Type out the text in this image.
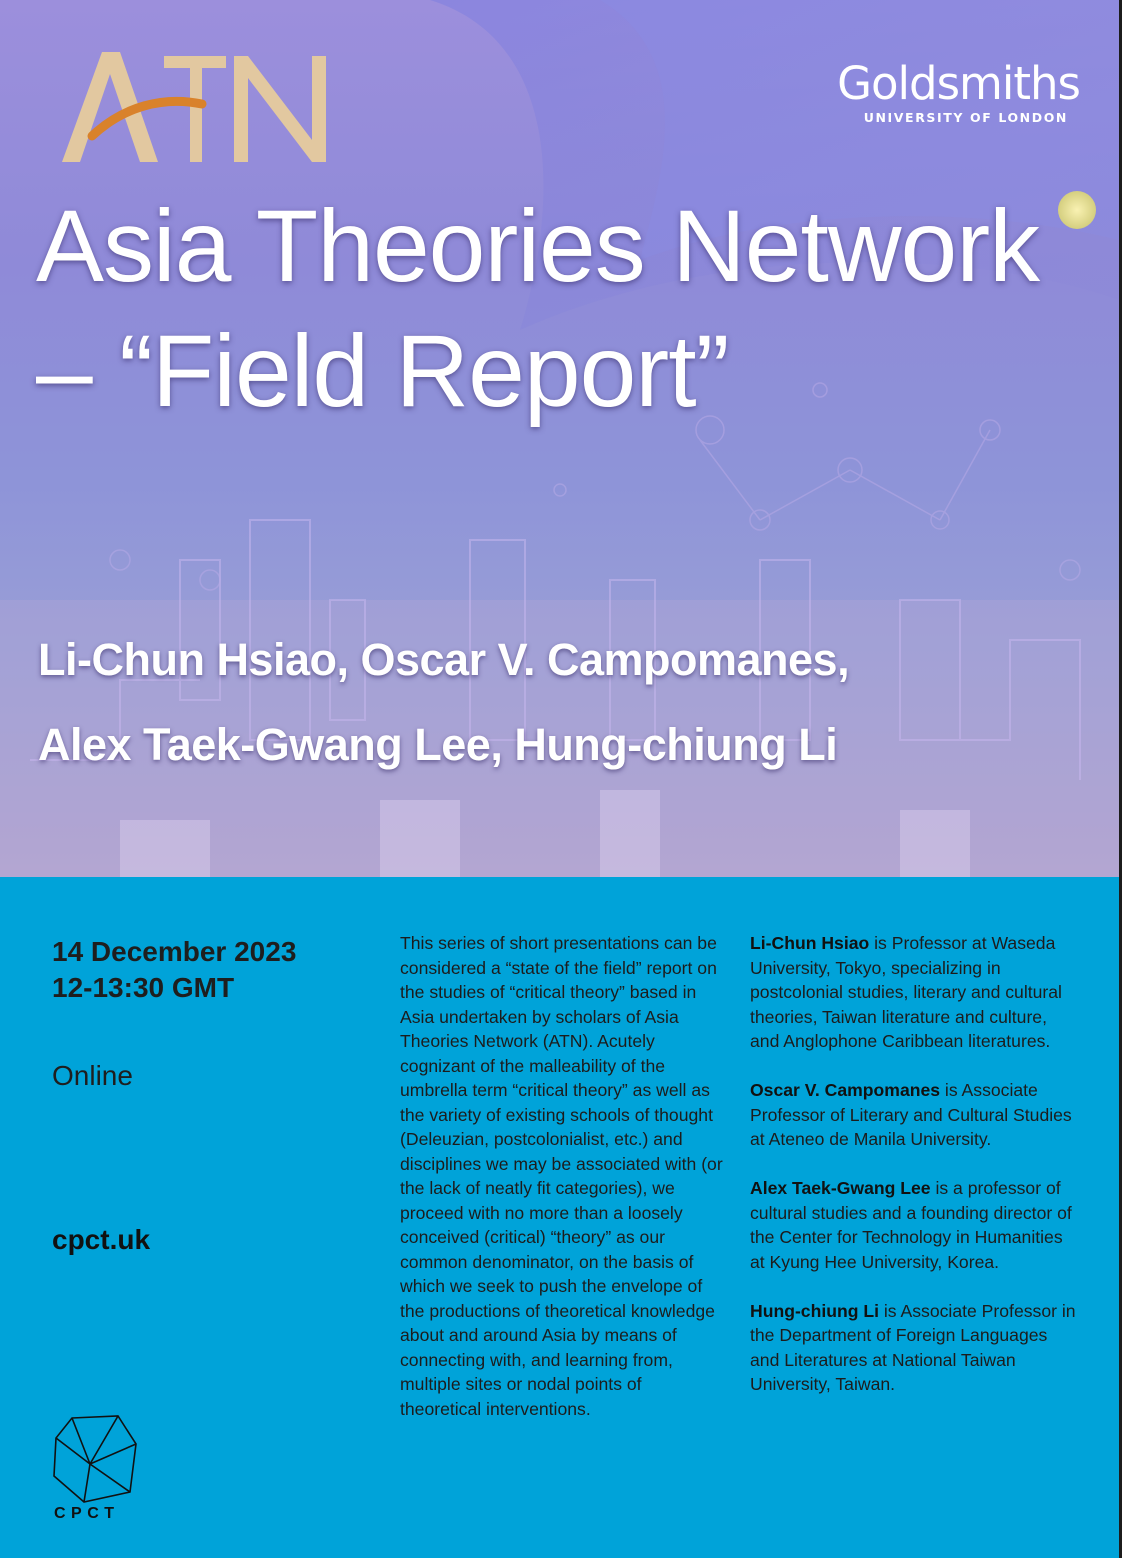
Goldsmiths
UNIVERSITY OF LONDON
Asia Theories Network – “Field Report”
Li-Chun Hsiao, Oscar V. Campomanes,
Alex Taek-Gwang Lee, Hung-chiung Li
14 December 2023
12-13:30 GMT

Online

cpct.uk

CPCT

This series of short presentations can be considered a “state of the field” report on the studies of “critical theory” based in Asia undertaken by scholars of Asia Theories Network (ATN). Acutely cognizant of the malleability of the umbrella term “critical theory” as well as the variety of existing schools of thought (Deleuzian, postcolonialist, etc.) and disciplines we may be associated with (or the lack of neatly fit categories), we proceed with no more than a loosely conceived (critical) “theory” as our common denominator, on the basis of which we seek to push the envelope of the productions of theoretical knowledge about and around Asia by means of connecting with, and learning from, multiple sites or nodal points of theoretical interventions.

Li-Chun Hsiao is Professor at Waseda University, Tokyo, specializing in postcolonial studies, literary and cultural theories, Taiwan literature and culture, and Anglophone Caribbean literatures.

Oscar V. Campomanes is Associate Professor of Literary and Cultural Studies at Ateneo de Manila University.

Alex Taek-Gwang Lee is a professor of cultural studies and a founding director of the Center for Technology in Humanities at Kyung Hee University, Korea.

Hung-chiung Li is Associate Professor in the Department of Foreign Languages and Literatures at National Taiwan University, Taiwan.
